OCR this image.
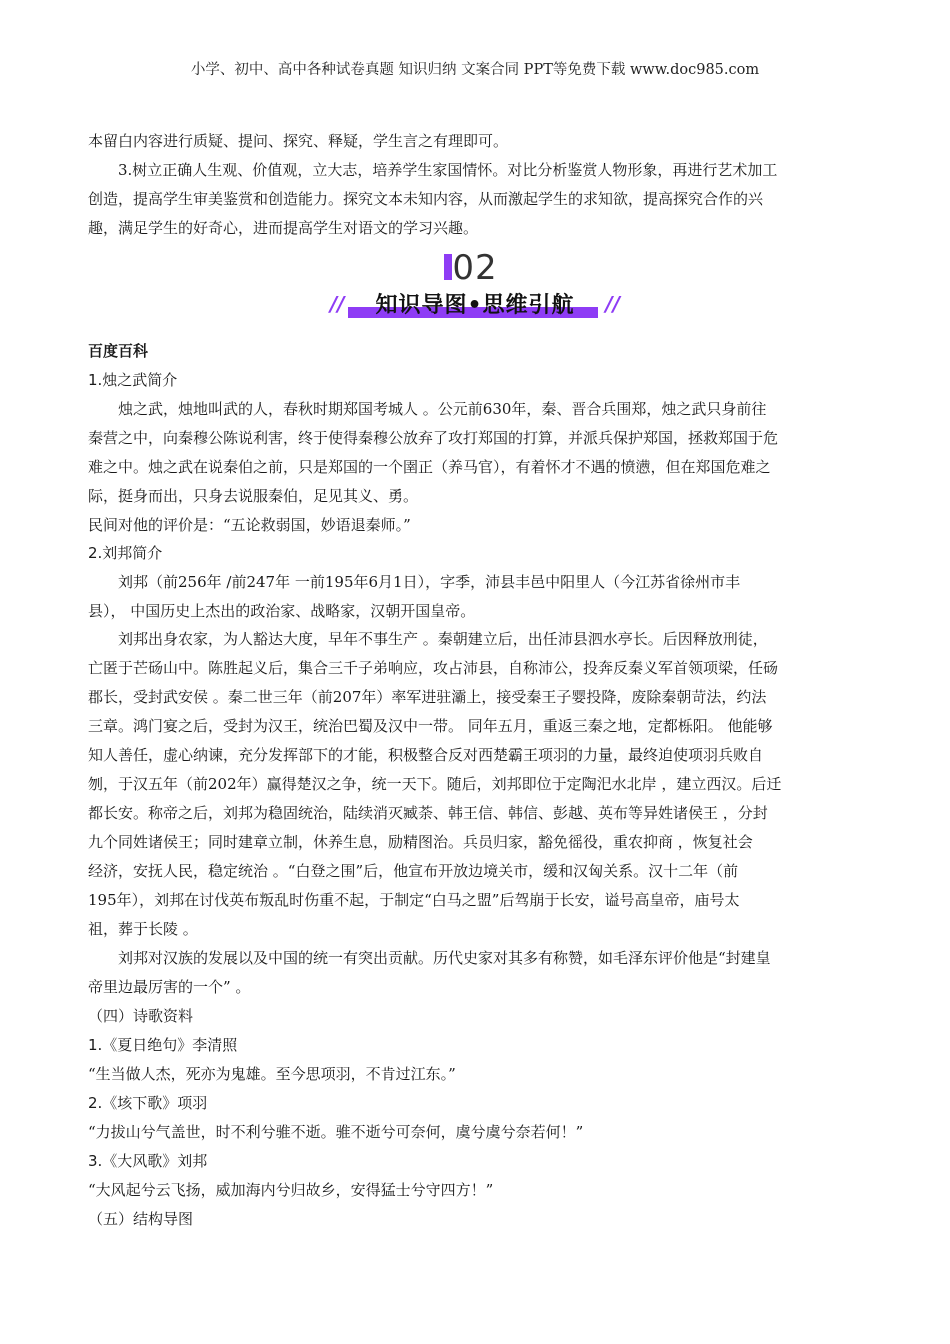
小学、初中、高中各种试卷真题 知识归纳 文案合同 PPT等免费下载 www.doc985.com

本留白内容进行质疑、提问、探究、释疑，学生言之有理即可。

3.树立正确人生观、价值观，立大志，培养学生家国情怀。对比分析鉴赏人物形象，再进行艺术加工

创造，提高学生审美鉴赏和创造能力。探究文本未知内容，从而激起学生的求知欲，提高探究合作的兴

趣，满足学生的好奇心，进而提高学生对语文的学习兴趣。

02
//	知识导图•思维引航	//
百度百科

1.烛之武简介

烛之武，烛地叫武的人，春秋时期郑国考城人 。公元前630年，秦、晋合兵围郑，烛之武只身前往

秦营之中，向秦穆公陈说利害，终于使得秦穆公放弃了攻打郑国的打算，并派兵保护郑国，拯救郑国于危

难之中。烛之武在说秦伯之前，只是郑国的一个圉正（养马官），有着怀才不遇的愤懑，但在郑国危难之

际，挺身而出，只身去说服秦伯，足见其义、勇。

民间对他的评价是：“五论救弱国，妙语退秦师。”

2.刘邦简介

刘邦（前256年 /前247年 一前195年6月1日），字季，沛县丰邑中阳里人（今江苏省徐州市丰

县）， 中国历史上杰出的政治家、战略家，汉朝开国皇帝。

刘邦出身农家，为人豁达大度，早年不事生产 。秦朝建立后，出任沛县泗水亭长。后因释放刑徒，

亡匿于芒砀山中。陈胜起义后，集合三千子弟响应，攻占沛县，自称沛公，投奔反秦义军首领项梁，任砀

郡长，受封武安侯 。秦二世三年（前207年）率军进驻灞上，接受秦王子婴投降，废除秦朝苛法，约法

三章。鸿门宴之后，受封为汉王，统治巴蜀及汉中一带。 同年五月，重返三秦之地，定都栎阳。 他能够

知人善任，虚心纳谏，充分发挥部下的才能，积极整合反对西楚霸王项羽的力量，最终迫使项羽兵败自

刎，于汉五年（前202年）赢得楚汉之争，统一天下。随后，刘邦即位于定陶汜水北岸 ，建立西汉。后迁

都长安。称帝之后，刘邦为稳固统治，陆续消灭臧荼、韩王信、韩信、彭越、英布等异姓诸侯王 ，分封

九个同姓诸侯王；同时建章立制，休养生息，励精图治。兵员归家，豁免徭役，重农抑商 ，恢复社会

经济，安抚人民，稳定统治 。“白登之围”后，他宣布开放边境关市，缓和汉匈关系。汉十二年（前

195年），刘邦在讨伐英布叛乱时伤重不起，于制定“白马之盟”后驾崩于长安，谥号高皇帝，庙号太

祖，葬于长陵 。

刘邦对汉族的发展以及中国的统一有突出贡献。历代史家对其多有称赞，如毛泽东评价他是“封建皇

帝里边最厉害的一个” 。

（四）诗歌资料

1.《夏日绝句》李清照

“生当做人杰，死亦为鬼雄。至今思项羽，不肯过江东。”

2.《垓下歌》项羽

“力拔山兮气盖世，时不利兮骓不逝。骓不逝兮可奈何，虞兮虞兮奈若何！”

3.《大风歌》刘邦

“大风起兮云飞扬，威加海内兮归故乡，安得猛士兮守四方！”

（五）结构导图
